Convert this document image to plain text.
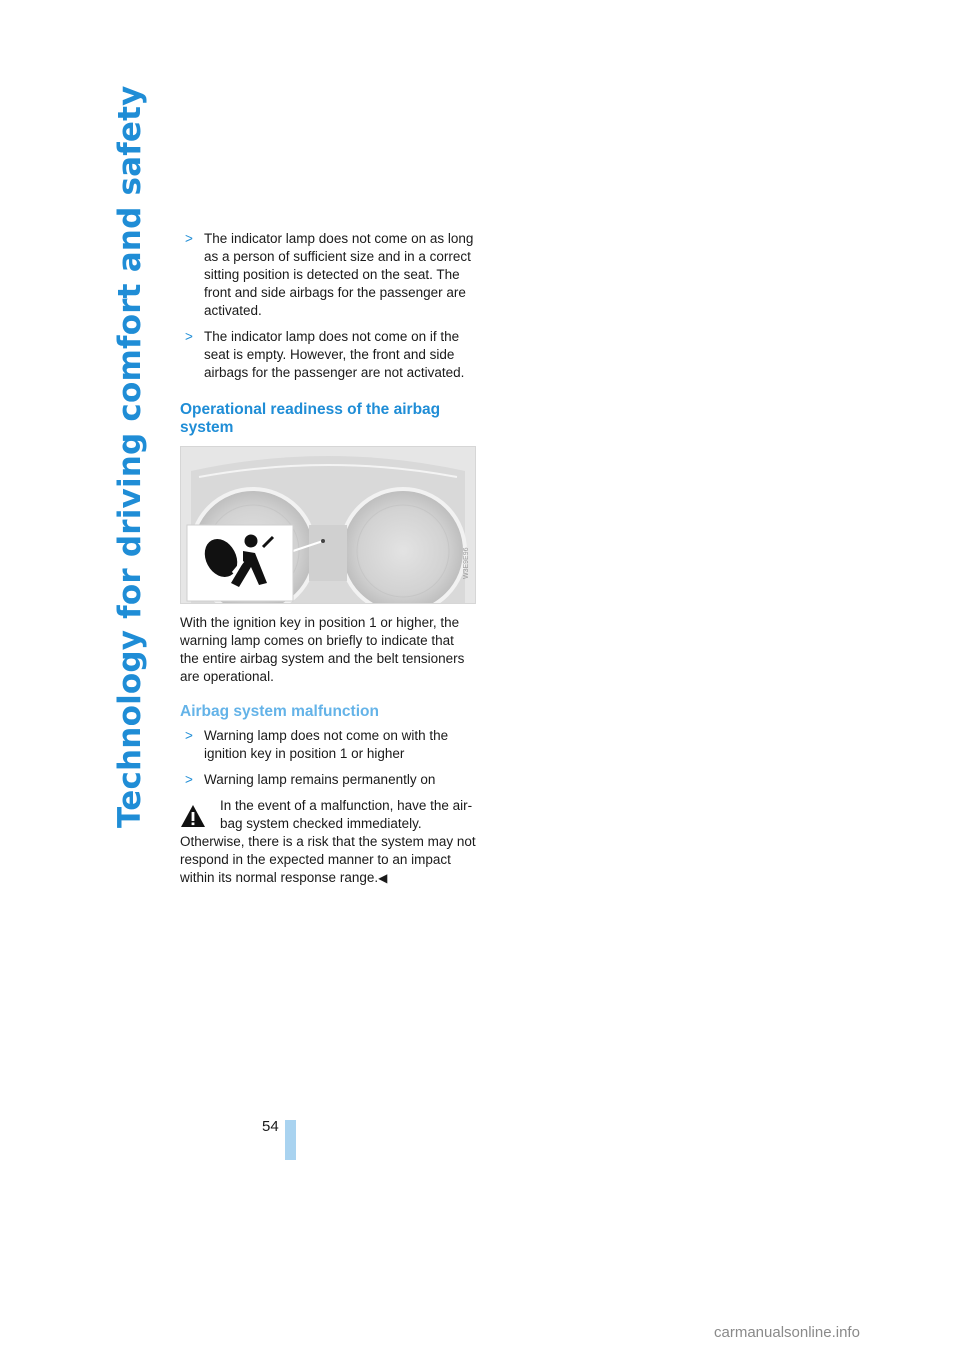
Technology for driving comfort and safety	> The indicator lamp does not come on as long as a person of sufficient size and in a correct sitting position is detected on the seat. The front and side airbags for the passenger are activated.
> The indicator lamp does not come on if the seat is empty. However, the front and side airbags for the passenger are not activated.
Operational readiness of the airbag system
W3E9E96

With the ignition key in position 1 or higher, the warning lamp comes on briefly to indicate that the entire airbag system and the belt tensioners are operational.

Airbag system malfunction
> Warning lamp does not come on with the ignition key in position 1 or higher
> Warning lamp remains permanently on
In the event of a malfunction, have the air-bag system checked immediately. Otherwise, there is a risk that the system may not respond in the expected manner to an impact within its normal response range.◀
54
carmanualsonline.info
